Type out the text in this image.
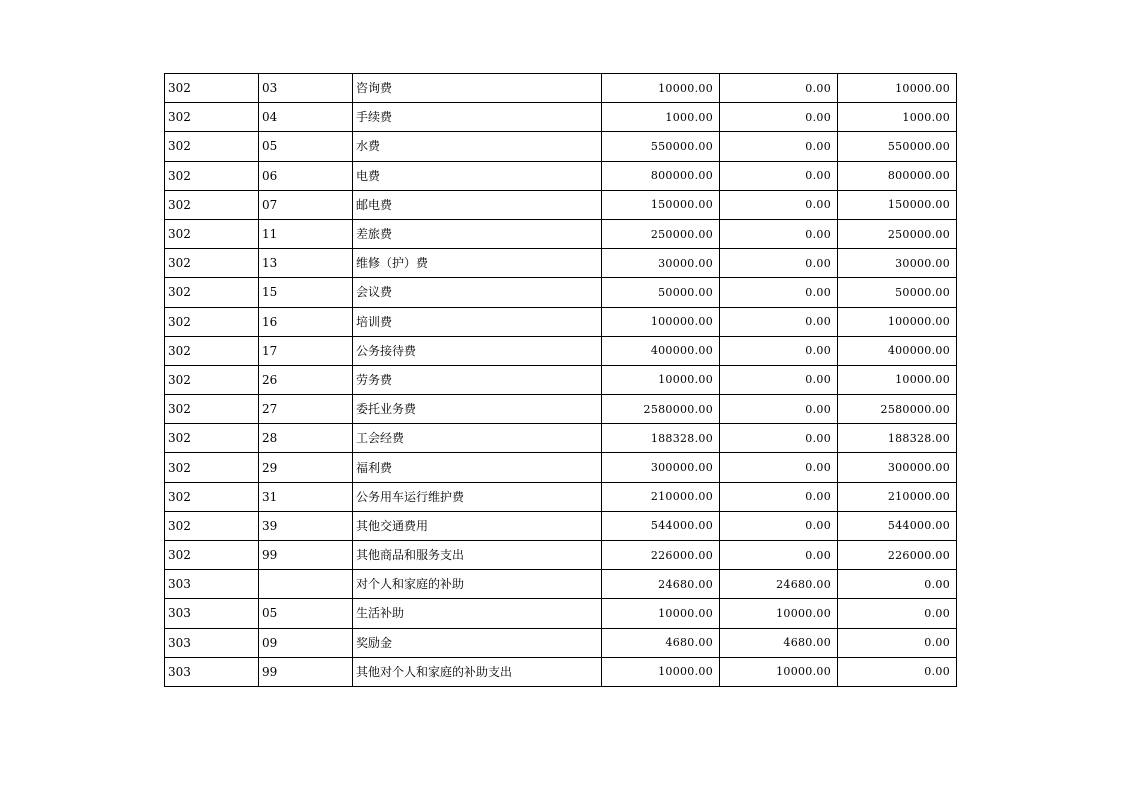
302	03	咨询费	10000.00	0.00	10000.00
302	04	手续费	1000.00	0.00	1000.00
302	05	水费	550000.00	0.00	550000.00
302	06	电费	800000.00	0.00	800000.00
302	07	邮电费	150000.00	0.00	150000.00
302	11	差旅费	250000.00	0.00	250000.00
302	13	维修（护）费	30000.00	0.00	30000.00
302	15	会议费	50000.00	0.00	50000.00
302	16	培训费	100000.00	0.00	100000.00
302	17	公务接待费	400000.00	0.00	400000.00
302	26	劳务费	10000.00	0.00	10000.00
302	27	委托业务费	2580000.00	0.00	2580000.00
302	28	工会经费	188328.00	0.00	188328.00
302	29	福利费	300000.00	0.00	300000.00
302	31	公务用车运行维护费	210000.00	0.00	210000.00
302	39	其他交通费用	544000.00	0.00	544000.00
302	99	其他商品和服务支出	226000.00	0.00	226000.00
303		对个人和家庭的补助	24680.00	24680.00	0.00
303	05	生活补助	10000.00	10000.00	0.00
303	09	奖励金	4680.00	4680.00	0.00
303	99	其他对个人和家庭的补助支出	10000.00	10000.00	0.00
